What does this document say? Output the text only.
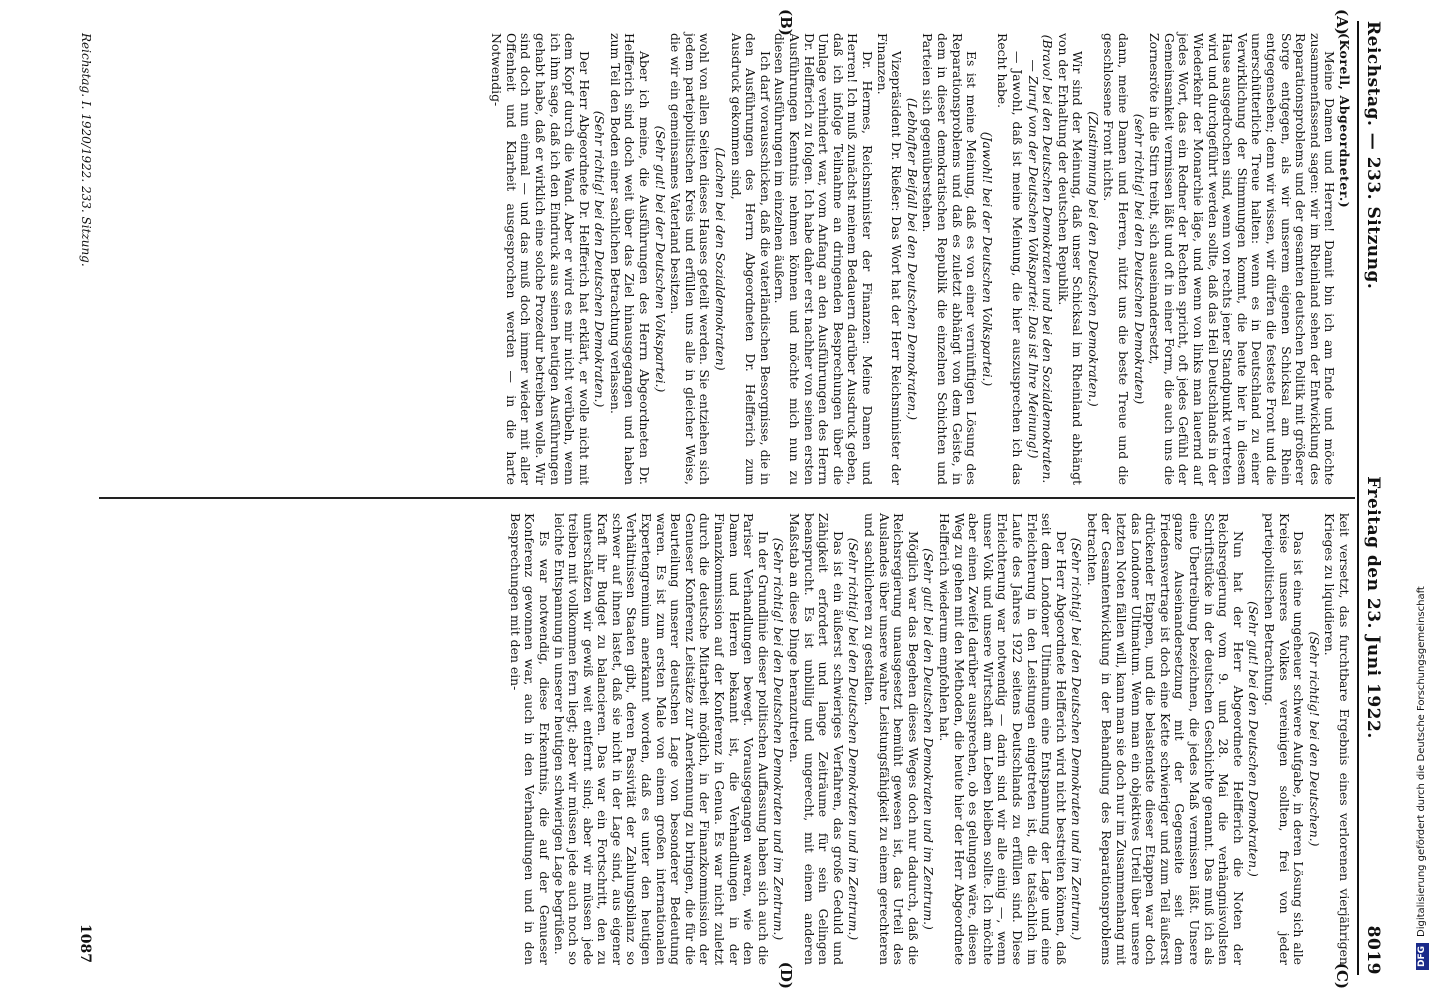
Reichstag. — 233. Sitzung.
Freitag den 23. Juni 1922.
8019
(A)
(C)
(B)
(D)

(Korell, Abgeordneter.)

Meine Damen und Herren! Damit bin ich am Ende und möchte zusammenfassend sagen: wir im Rheinland sehen der Entwicklung des Reparationsproblems und der gesamten deutschen Politik mit größerer Sorge entgegen, als wir unserem eigenen Schicksal am Rhein entgegensehen; denn wir wissen, wir dürfen die festeste Front und die unerschütterliche Treue halten: wenn es in Deutschland zu einer Verwirklichung der Stimmungen kommt, die heute hier in diesem Hause ausgedrochen sind, wenn von rechts jener Standpunkt vertreten wird und durchgeführt werden sollte, daß das Heil Deutschlands in der Wiederkehr der Monarchie läge, und wenn von links man lauernd auf jedes Wort, das ein Redner der Rechten spricht, oft jedes Gefühl der Gemeinsamkeit vermissen läßt und oft in einer Form, die auch uns die Zornesröte in die Stirn treibt, sich auseinandersetzt,

(sehr richtig! bei den Deutschen Demokraten)

dann, meine Damen und Herren, nützt uns die beste Treue und die geschlossene Front nichts.

(Zustimmung bei den Deutschen Demokraten.)

Wir sind der Meinung, daß unser Schicksal im Rheinland abhängt von der Erhaltung der deutschen Republik.

(Bravo! bei den Deutschen Demokraten und bei den Sozialdemokraten. — Zuruf von der Deutschen Volkspartei: Das ist Ihre Meinung!)

— Jawohl, daß ist meine Meinung, die hier auszusprechen ich das Recht habe.

(Jawohl! bei der Deutschen Volkspartei.)

Es ist meine Meinung, daß es von einer vernünftigen Lösung des Reparationsproblems und daß es zuletzt abhängt von dem Geiste, in dem in dieser demokratischen Republik die einzelnen Schichten und Parteien sich gegenüberstehen.

(Lebhafter Beifall bei den Deutschen Demokraten.)

Vizepräsident Dr. Rießer: Das Wort hat der Herr Reichsminister der Finanzen.

Dr. Hermes, Reichsminister der Finanzen: Meine Damen und Herren! Ich muß zunächst meinem Bedauern darüber Ausdruck geben, daß ich infolge Teilnahme an dringenden Besprechungen über die Umlage verhindert war, vom Anfang an den Ausführungen des Herrn Dr. Helfferich zu folgen. Ich habe daher erst nachher von seinen ersten Ausführungen Kenntnis nehmen können und möchte mich nun zu diesen Ausführungen im einzelnen äußern.

Ich darf vorausschicken, daß die vaterländischen Besorgnisse, die in den Ausführungen des Herrn Abgeordneten Dr. Helfferich zum Ausdruck gekommen sind,

(Lachen bei den Sozialdemokraten)

wohl von allen Seiten dieses Hauses geteilt werden. Sie entziehen sich jedem parteipolitischen Kreis und erfüllen uns alle in gleicher Weise, die wir ein gemeinsames Vaterland besitzen.

(Sehr gut! bei der Deutschen Volkspartei.)

Aber ich meine, die Ausführungen des Herrn Abgeordneten Dr. Helfferich sind doch weit über das Ziel hinausgegangen und haben zum Teil den Boden einer sachlichen Betrachtung verlassen.

(Sehr richtig! bei den Deutschen Demokraten.)

Der Herr Abgeordnete Dr. Helfferich hat erklärt, er wolle nicht mit dem Kopf durch die Wand. Aber er wird es mir nicht verübeln, wenn ich ihm sage, daß ich den Eindruck aus seinen heutigen Ausführungen gehabt habe, daß er wirklich eine solche Prozedur betreiben wolle. Wir sind doch nun einmal — und das muß doch immer wieder mit aller Offenheit und Klarheit ausgesprochen werden — in die harte Notwendig-

keit versetzt, das furchtbare Ergebnis eines verlorenen vierjährigen Krieges zu liquidieren.

(Sehr richtig! bei den Deutschen.)

Das ist eine ungeheuer schwere Aufgabe, in deren Lösung sich alle Kreise unseres Volkes vereinigen sollten, frei von jeder parteipolitischen Betrachtung.

(Sehr gut! bei den Deutschen Demokraten.)

Nun hat der Herr Abgeordnete Helfferich die Noten der Reichsregierung vom 9. und 28. Mai die verhängnisvollsten Schriftstücke in der deutschen Geschichte genannt. Das muß ich als eine Übertreibung bezeichnen, die jedes Maß vermissen läßt. Unsere ganze Auseinandersetzung mit der Gegenseite seit dem Friedensvertrage ist doch eine Kette schwieriger und zum Teil äußerst drückender Etappen, und die belastendste dieser Etappen war doch das Londoner Ultimatum. Wenn man ein objektives Urteil über unsere letzten Noten fällen will, kann man sie doch nur im Zusammenhang mit der Gesamtentwicklung in der Behandlung des Reparationsproblems betrachten.

(Sehr richtig! bei den Deutschen Demokraten und im Zentrum.)

Der Herr Abgeordnete Helfferich wird nicht bestreiten können, daß seit dem Londoner Ultimatum eine Entspannung der Lage und eine Erleichterung in den Leistungen eingetreten ist, die tatsächlich im Laufe des Jahres 1922 seitens Deutschlands zu erfüllen sind. Diese Erleichterung war notwendig — darin sind wir alle einig —, wenn unser Volk und unsere Wirtschaft am Leben bleiben sollte. Ich möchte aber einen Zweifel darüber aussprechen, ob es gelungen wäre, diesen Weg zu gehen mit den Methoden, die heute hier der Herr Abgeordnete Helfferich wiederum empfohlen hat.

(Sehr gut! bei den Deutschen Demokraten und im Zentrum.)

Möglich war das Begehen dieses Weges doch nur dadurch, daß die Reichsregierung unausgesetzt bemüht gewesen ist, das Urteil des Auslandes über unsere wahre Leistungsfähigkeit zu einem gerechteren und sachlicheren zu gestalten.

(Sehr richtig! bei den Deutschen Demokraten und im Zentrum.)

Das ist ein äußerst schwieriges Verfahren, das große Geduld und Zähigkeit erfordert und lange Zeiträume für sein Gelingen beansprucht. Es ist unbillig und ungerecht, mit einem anderen Maßstab an diese Dinge heranzutreten.

(Sehr richtig! bei den Deutschen Demokraten und im Zentrum.)

In der Grundlinie dieser politischen Auffassung haben sich auch die Pariser Verhandlungen bewegt. Vorausgegangen waren, wie den Damen und Herren bekannt ist, die Verhandlungen in der Finanzkommission auf der Konferenz in Genua. Es war nicht zuletzt durch die deutsche Mitarbeit möglich, in der Finanzkommission der Genueser Konferenz Leitsätze zur Anerkennung zu bringen, die für die Beurteilung unserer deutschen Lage von besonderer Bedeutung waren. Es ist zum ersten Male von einem großen internationalen Expertengremium anerkannt worden, daß es unter den heutigen Verhältnissen Staaten gibt, deren Passivität der Zahlungsbilanz so schwer auf ihnen lastet, daß sie nicht in der Lage sind, aus eigener Kraft ihr Budget zu balancieren. Das war ein Fortschritt, den zu unterschätzen wir gewiß weit entfernt sind; aber wir müssen jede treiben mit vollkommen fern liegt; aber wir müssen jede auch noch so leichte Entspannung in unserer heutigen schwierigen Lage begrüßen.

Es war notwendig, diese Erkenntnis, die auf der Genueser Konferenz gewonnen war, auch in den Verhandlungen und in den Besprechungen mit den ein-

Reichstag. I. 1920/1922. 233. Sitzung.
1087	DFGDigitalisierung gefördert durch die Deutsche Forschungsgemeinschaft
